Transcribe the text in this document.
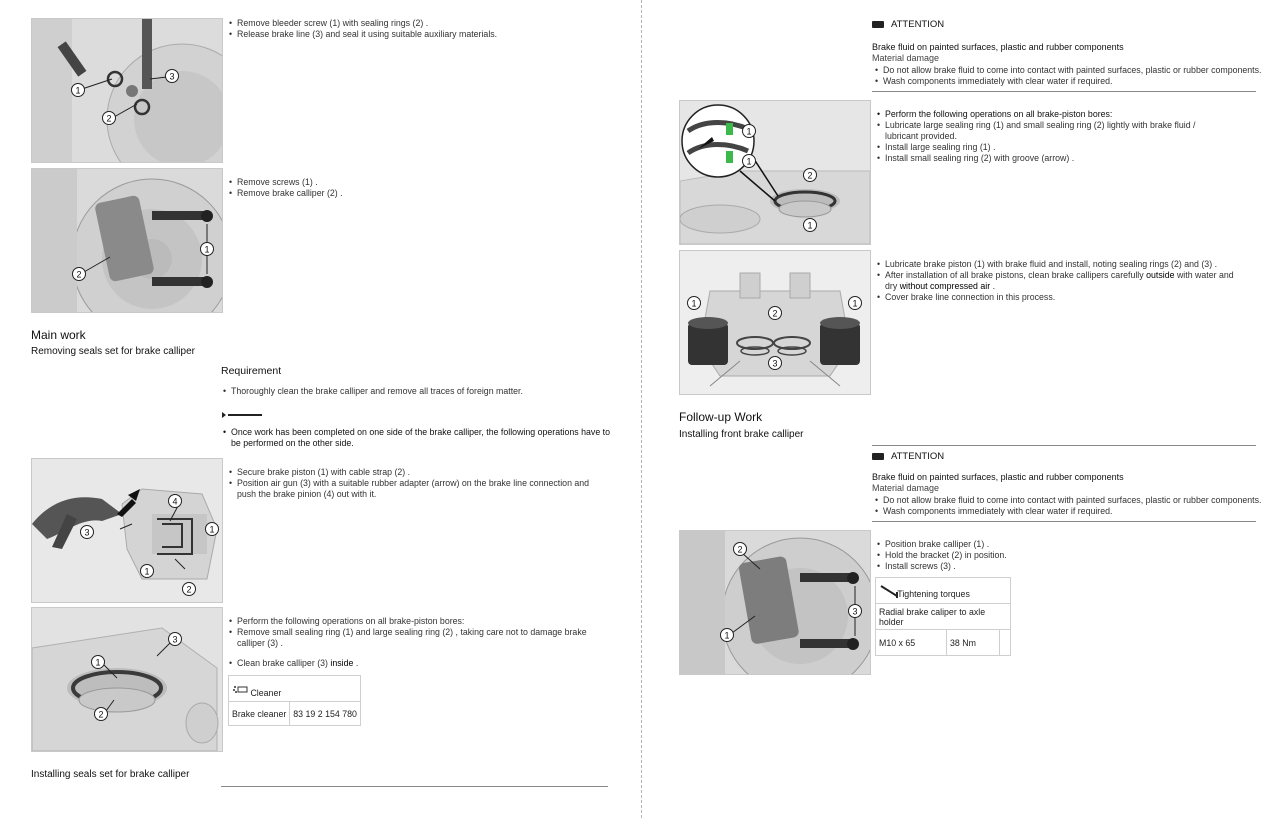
1
2
3
• Remove bleeder screw (1) with sealing rings (2) .
• Release brake line (3) and seal it using suitable auxiliary materials.
1
2
• Remove screws (1) .
• Remove brake calliper (2) .
Main work
Removing seals set for brake calliper
Requirement
• Thoroughly clean the brake calliper and remove all traces of foreign matter.
• Once work has been completed on one side of the brake calliper, the following operations have to be performed on the other side.
1
2
3
4
1
• Secure brake piston (1) with cable strap (2) .
• Position air gun (3) with a suitable rubber adapter (arrow) on the brake line connection and push the brake pinion (4) out with it.
1
2
3
• Perform the following operations on all brake-piston bores:
• Remove small sealing ring (1) and large sealing ring (2) , taking care not to damage brake calliper (3) .
• Clean brake calliper (3) inside .
Cleaner
Brake cleaner	83 19 2 154 780
Installing seals set for brake calliper
ATTENTION
Brake fluid on painted surfaces, plastic and rubber components
Material damage
• Do not allow brake fluid to come into contact with painted surfaces, plastic or rubber components.
• Wash components immediately with clear water if required.
1
1
2
1
• Perform the following operations on all brake-piston bores:
• Lubricate large sealing ring (1) and small sealing ring (2) lightly with brake fluid / lubricant provided.
• Install large sealing ring (1) .
• Install small sealing ring (2) with groove (arrow) .
1	1
2
3
• Lubricate brake piston (1) with brake fluid and install, noting sealing rings (2) and (3) .
• After installation of all brake pistons, clean brake callipers carefully outside with water and dry without compressed air .
• Cover brake line connection in this process.
Follow-up Work
Installing front brake calliper
ATTENTION
Brake fluid on painted surfaces, plastic and rubber components
Material damage
• Do not allow brake fluid to come into contact with painted surfaces, plastic or rubber components.
• Wash components immediately with clear water if required.
1
2
3
• Position brake calliper (1) .
• Hold the bracket (2) in position.
• Install screws (3) .
Tightening torques
Radial brake caliper to axle holder
M10 x 65	38 Nm	
